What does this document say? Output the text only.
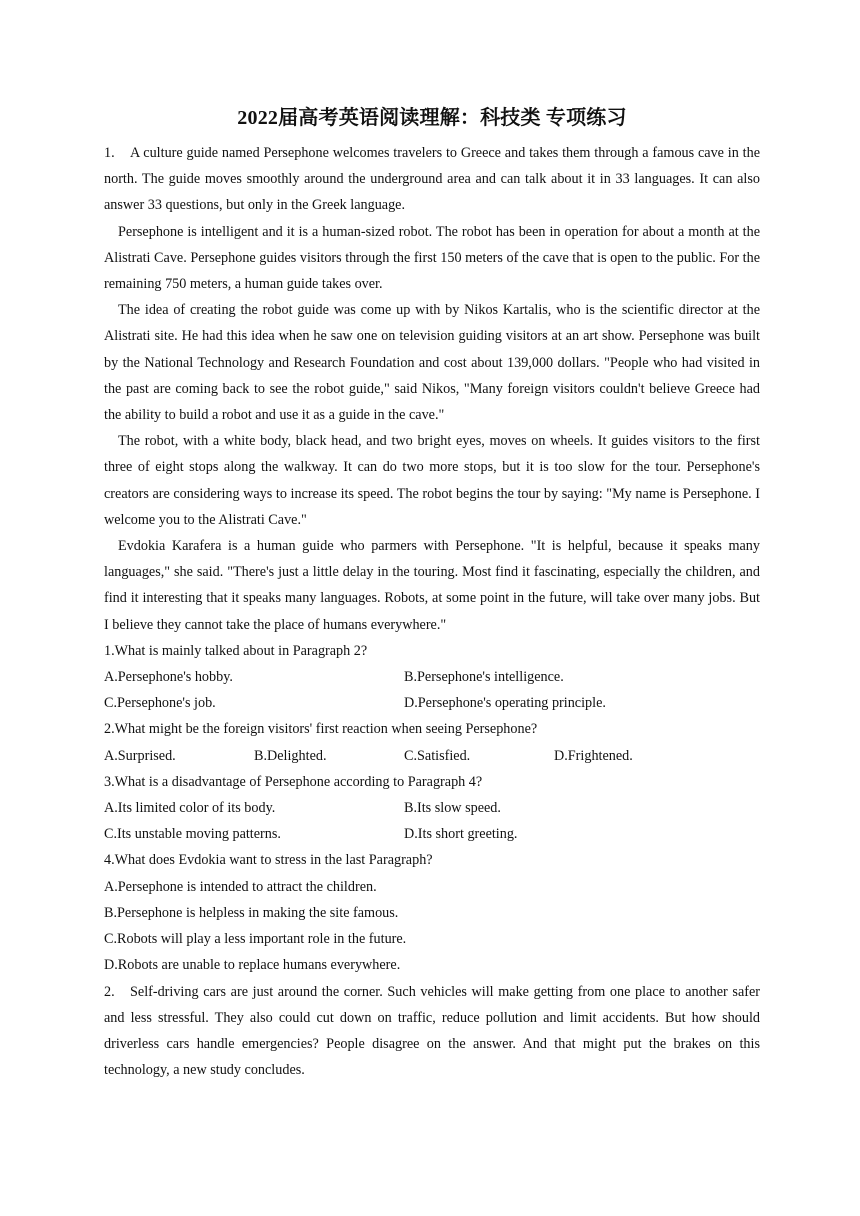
2022届高考英语阅读理解：科技类 专项练习

1. A culture guide named Persephone welcomes travelers to Greece and takes them through a famous cave in the north. The guide moves smoothly around the underground area and can talk about it in 33 languages. It can also answer 33 questions, but only in the Greek language.

Persephone is intelligent and it is a human-sized robot. The robot has been in operation for about a month at the Alistrati Cave. Persephone guides visitors through the first 150 meters of the cave that is open to the public. For the remaining 750 meters, a human guide takes over.

The idea of creating the robot guide was come up with by Nikos Kartalis, who is the scientific director at the Alistrati site. He had this idea when he saw one on television guiding visitors at an art show. Persephone was built by the National Technology and Research Foundation and cost about 139,000 dollars. "People who had visited in the past are coming back to see the robot guide," said Nikos, "Many foreign visitors couldn't believe Greece had the ability to build a robot and use it as a guide in the cave."

The robot, with a white body, black head, and two bright eyes, moves on wheels. It guides visitors to the first three of eight stops along the walkway. It can do two more stops, but it is too slow for the tour. Persephone's creators are considering ways to increase its speed. The robot begins the tour by saying: "My name is Persephone. I welcome you to the Alistrati Cave."

Evdokia Karafera is a human guide who parmers with Persephone. "It is helpful, because it speaks many languages," she said. "There's just a little delay in the touring. Most find it fascinating, especially the children, and find it interesting that it speaks many languages. Robots, at some point in the future, will take over many jobs. But I believe they cannot take the place of humans everywhere."

1.What is mainly talked about in Paragraph 2?

A.Persephone's hobby.	B.Persephone's intelligence.
C.Persephone's job.	D.Persephone's operating principle.

2.What might be the foreign visitors' first reaction when seeing Persephone?

A.Surprised.	B.Delighted.	C.Satisfied.	D.Frightened.

3.What is a disadvantage of Persephone according to Paragraph 4?

A.Its limited color of its body.	B.Its slow speed.
C.Its unstable moving patterns.	D.Its short greeting.

4.What does Evdokia want to stress in the last Paragraph?

A.Persephone is intended to attract the children.
B.Persephone is helpless in making the site famous.
C.Robots will play a less important role in the future.
D.Robots are unable to replace humans everywhere.

2. Self-driving cars are just around the corner. Such vehicles will make getting from one place to another safer and less stressful. They also could cut down on traffic, reduce pollution and limit accidents. But how should driverless cars handle emergencies? People disagree on the answer. And that might put the brakes on this technology, a new study concludes.
